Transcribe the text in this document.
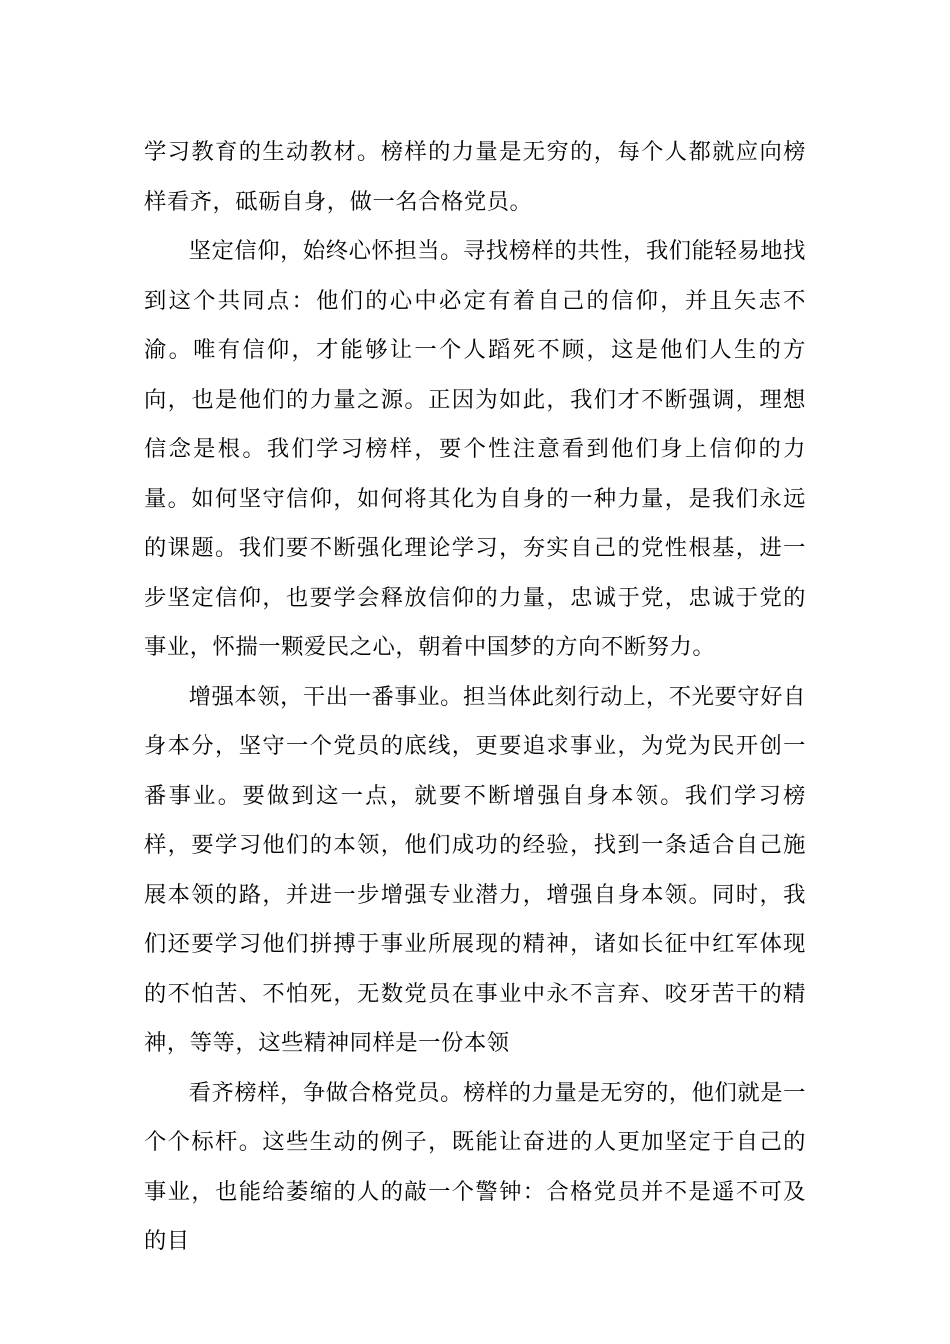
学习教育的生动教材。榜样的力量是无穷的，每个人都就应向榜样看齐，砥砺自身，做一名合格党员。

坚定信仰，始终心怀担当。寻找榜样的共性，我们能轻易地找到这个共同点：他们的心中必定有着自己的信仰，并且矢志不渝。唯有信仰，才能够让一个人蹈死不顾，这是他们人生的方向，也是他们的力量之源。正因为如此，我们才不断强调，理想信念是根。我们学习榜样，要个性注意看到他们身上信仰的力量。如何坚守信仰，如何将其化为自身的一种力量，是我们永远的课题。我们要不断强化理论学习，夯实自己的党性根基，进一步坚定信仰，也要学会释放信仰的力量，忠诚于党，忠诚于党的事业，怀揣一颗爱民之心，朝着中国梦的方向不断努力。

增强本领，干出一番事业。担当体此刻行动上，不光要守好自身本分，坚守一个党员的底线，更要追求事业，为党为民开创一番事业。要做到这一点，就要不断增强自身本领。我们学习榜样，要学习他们的本领，他们成功的经验，找到一条适合自己施展本领的路，并进一步增强专业潜力，增强自身本领。同时，我们还要学习他们拼搏于事业所展现的精神，诸如长征中红军体现的不怕苦、不怕死，无数党员在事业中永不言弃、咬牙苦干的精神，等等，这些精神同样是一份本领

看齐榜样，争做合格党员。榜样的力量是无穷的，他们就是一个个标杆。这些生动的例子，既能让奋进的人更加坚定于自己的事业，也能给萎缩的人的敲一个警钟：合格党员并不是遥不可及的目
